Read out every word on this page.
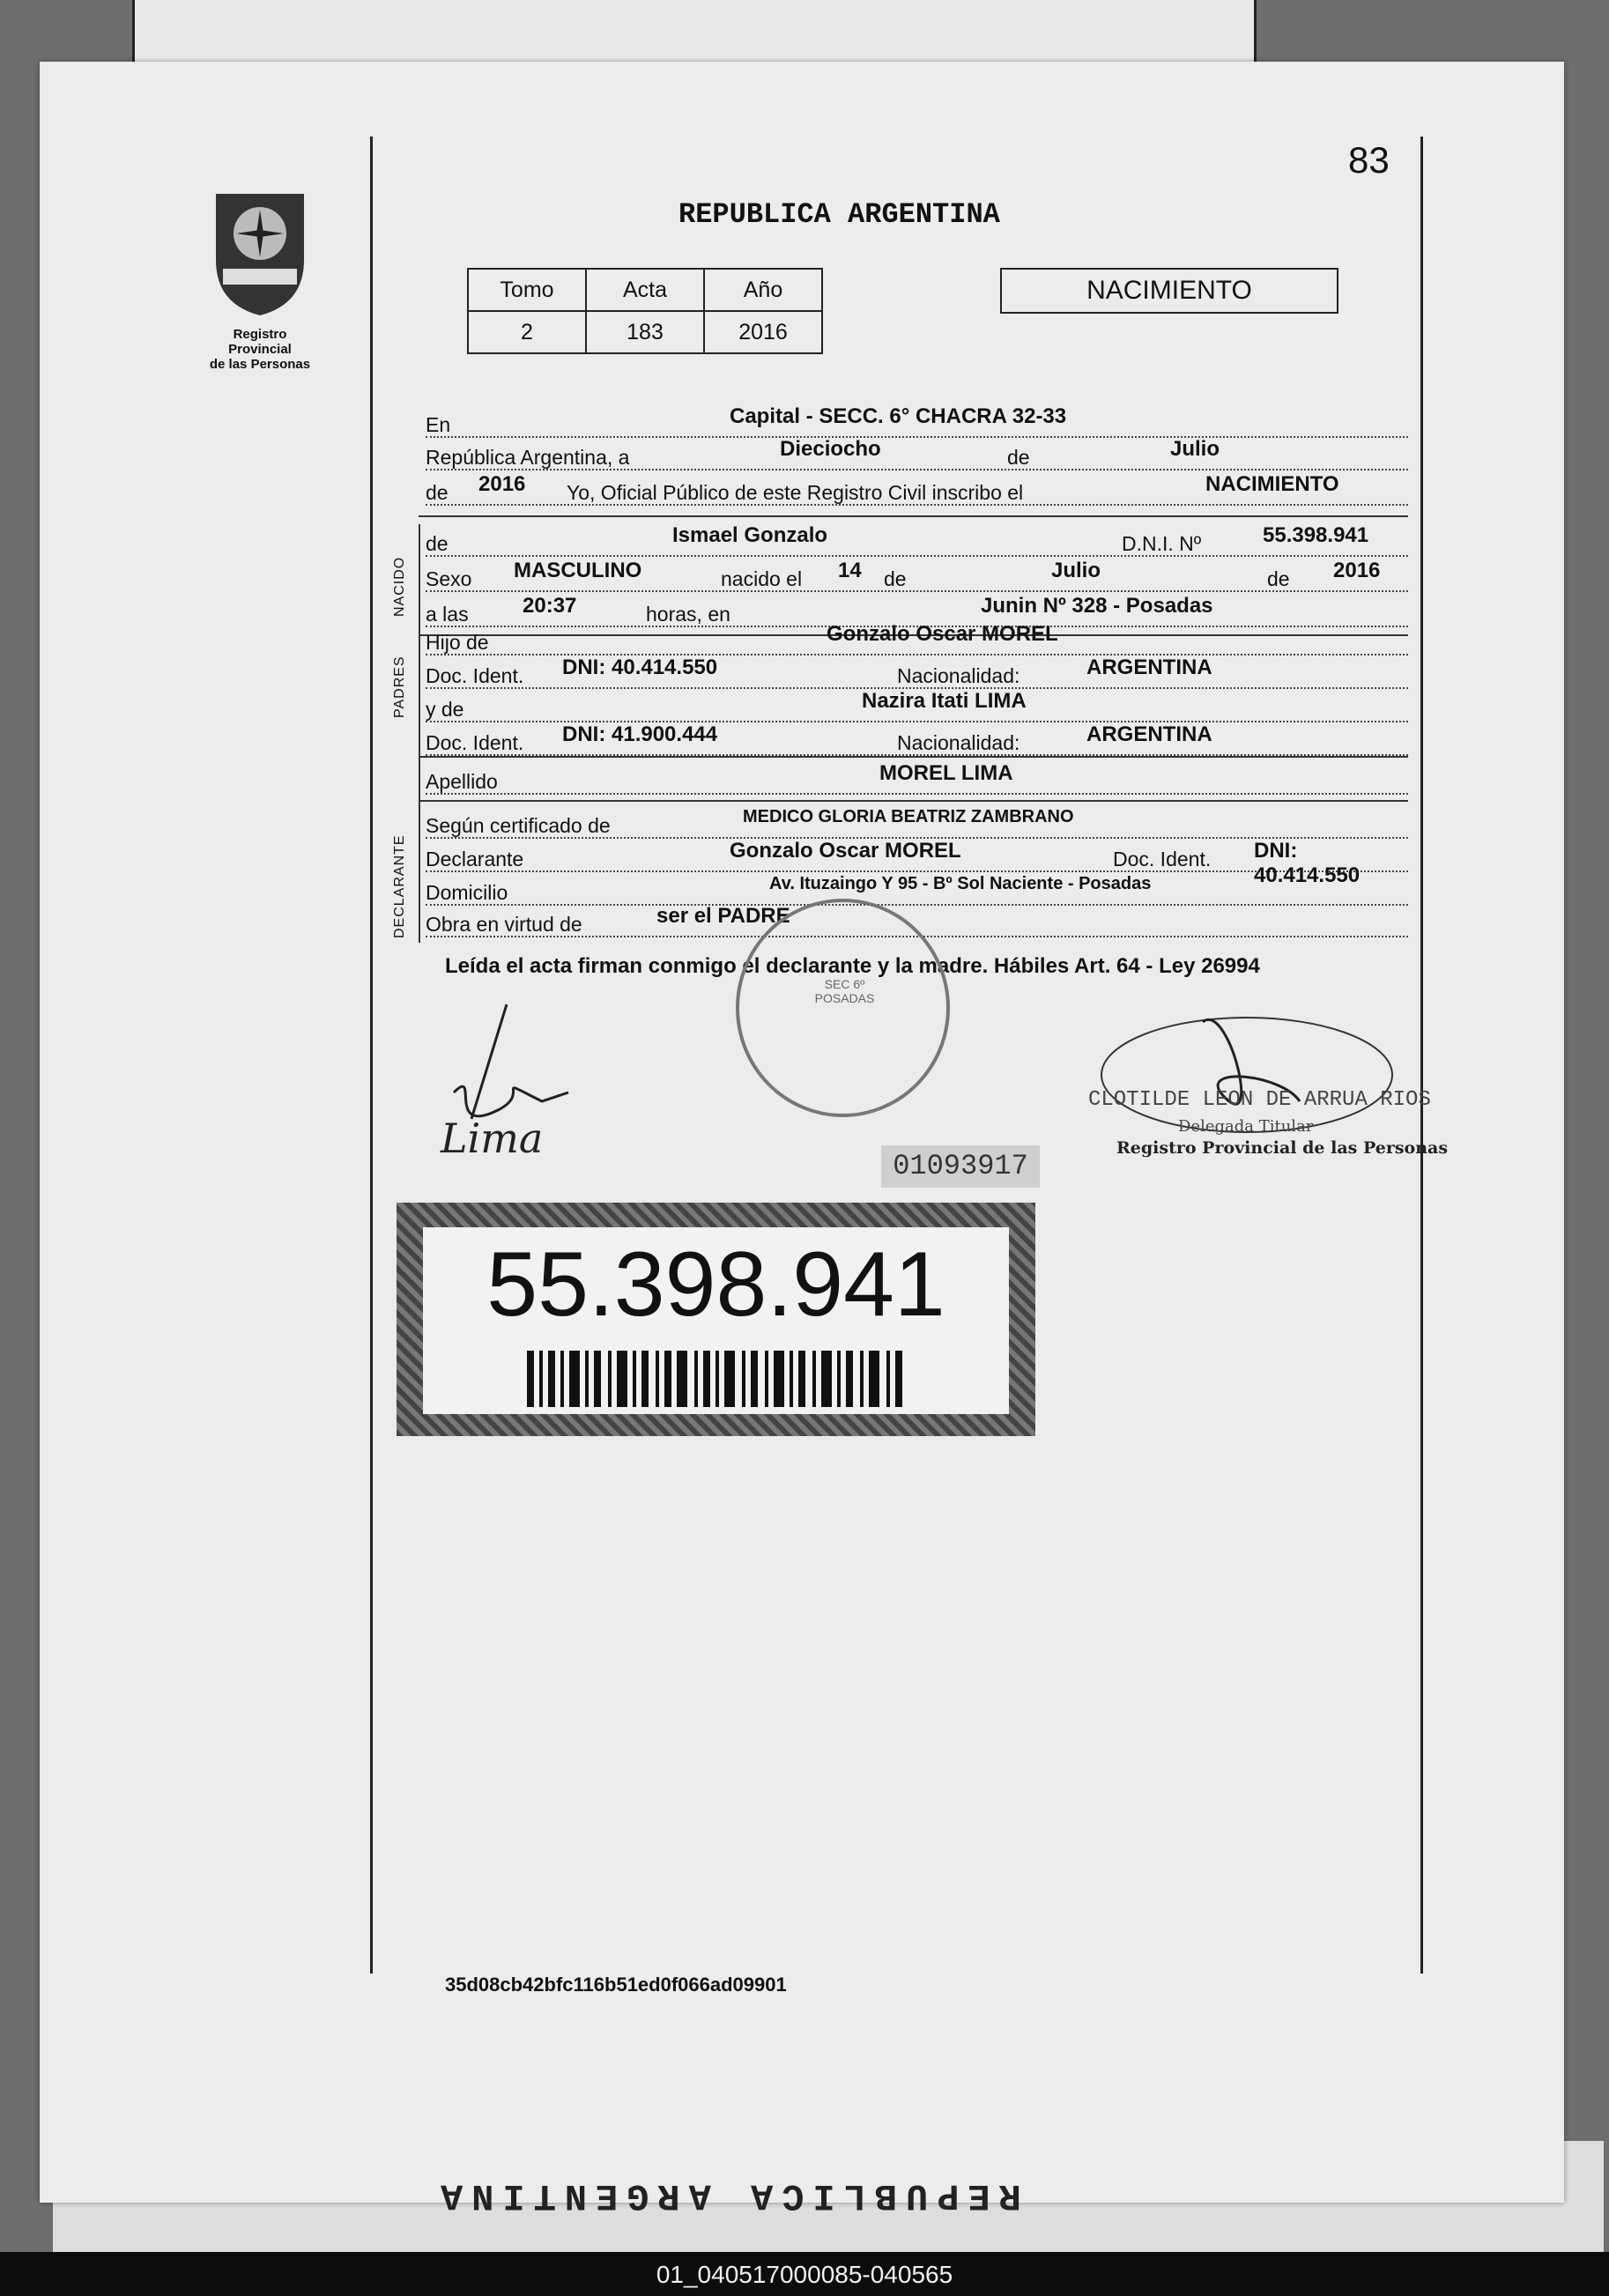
REPUBLICA ARGENTINA
83
Registro Provincial
de las Personas
REPUBLICA ARGENTINA
Tomo	Acta	Año
2	183	2016
NACIMIENTO
En	Capital - SECC. 6° CHACRA 32-33
República Argentina, a	Dieciocho	de	Julio
de 2016 Yo, Oficial Público de este Registro Civil inscribo el	NACIMIENTO
NACIDO
de	Ismael Gonzalo	D.N.I. Nº	55.398.941
Sexo MASCULINO	nacido el 14 de	Julio	de 2016
a las	20:37	horas, en	Junin Nº 328 - Posadas
PADRES
Hijo de	Gonzalo Oscar MOREL
Doc. Ident. DNI: 40.414.550	Nacionalidad:	ARGENTINA
y de	Nazira Itati LIMA
Doc. Ident. DNI: 41.900.444	Nacionalidad:	ARGENTINA
Apellido	MOREL LIMA
DECLARANTE
Según certificado de	MEDICO GLORIA BEATRIZ ZAMBRANO
Declarante	Gonzalo Oscar MOREL	Doc. Ident. DNI: 40.414.550
Domicilio	Av. Ituzaingo Y 95 - Bº Sol Naciente - Posadas
Obra en virtud de	ser el PADRE
Leída el acta firman conmigo el declarante y la madre. Hábiles Art. 64 - Ley 26994
Lima
SEC 6º POSADAS
01093917
CLOTILDE LEON DE ARRUA RIOS
Delegada Titular
Registro Provincial de las Personas
55.398.941
35d08cb42bfc116b51ed0f066ad09901
01_040517000085-040565
